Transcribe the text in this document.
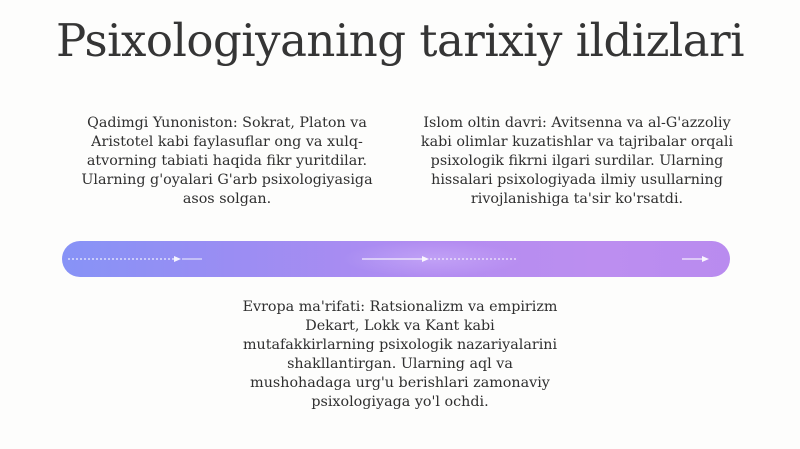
Psixologiyaning tarixiy ildizlari
Qadimgi Yunoniston: Sokrat, Platon va Aristotel kabi faylasuflar ong va xulq-atvorning tabiati haqida fikr yuritdilar. Ularning g'oyalari G'arb psixologiyasiga asos solgan.
Islom oltin davri: Avitsenna va al-G'azzoliy kabi olimlar kuzatishlar va tajribalar orqali psixologik fikrni ilgari surdilar. Ularning hissalari psixologiyada ilmiy usullarning rivojlanishiga ta'sir ko'rsatdi.
Evropa ma'rifati: Ratsionalizm va empirizm Dekart, Lokk va Kant kabi mutafakkirlarning psixologik nazariyalarini shakllantirgan. Ularning aql va mushohadaga urg'u berishlari zamonaviy psixologiyaga yo'l ochdi.
